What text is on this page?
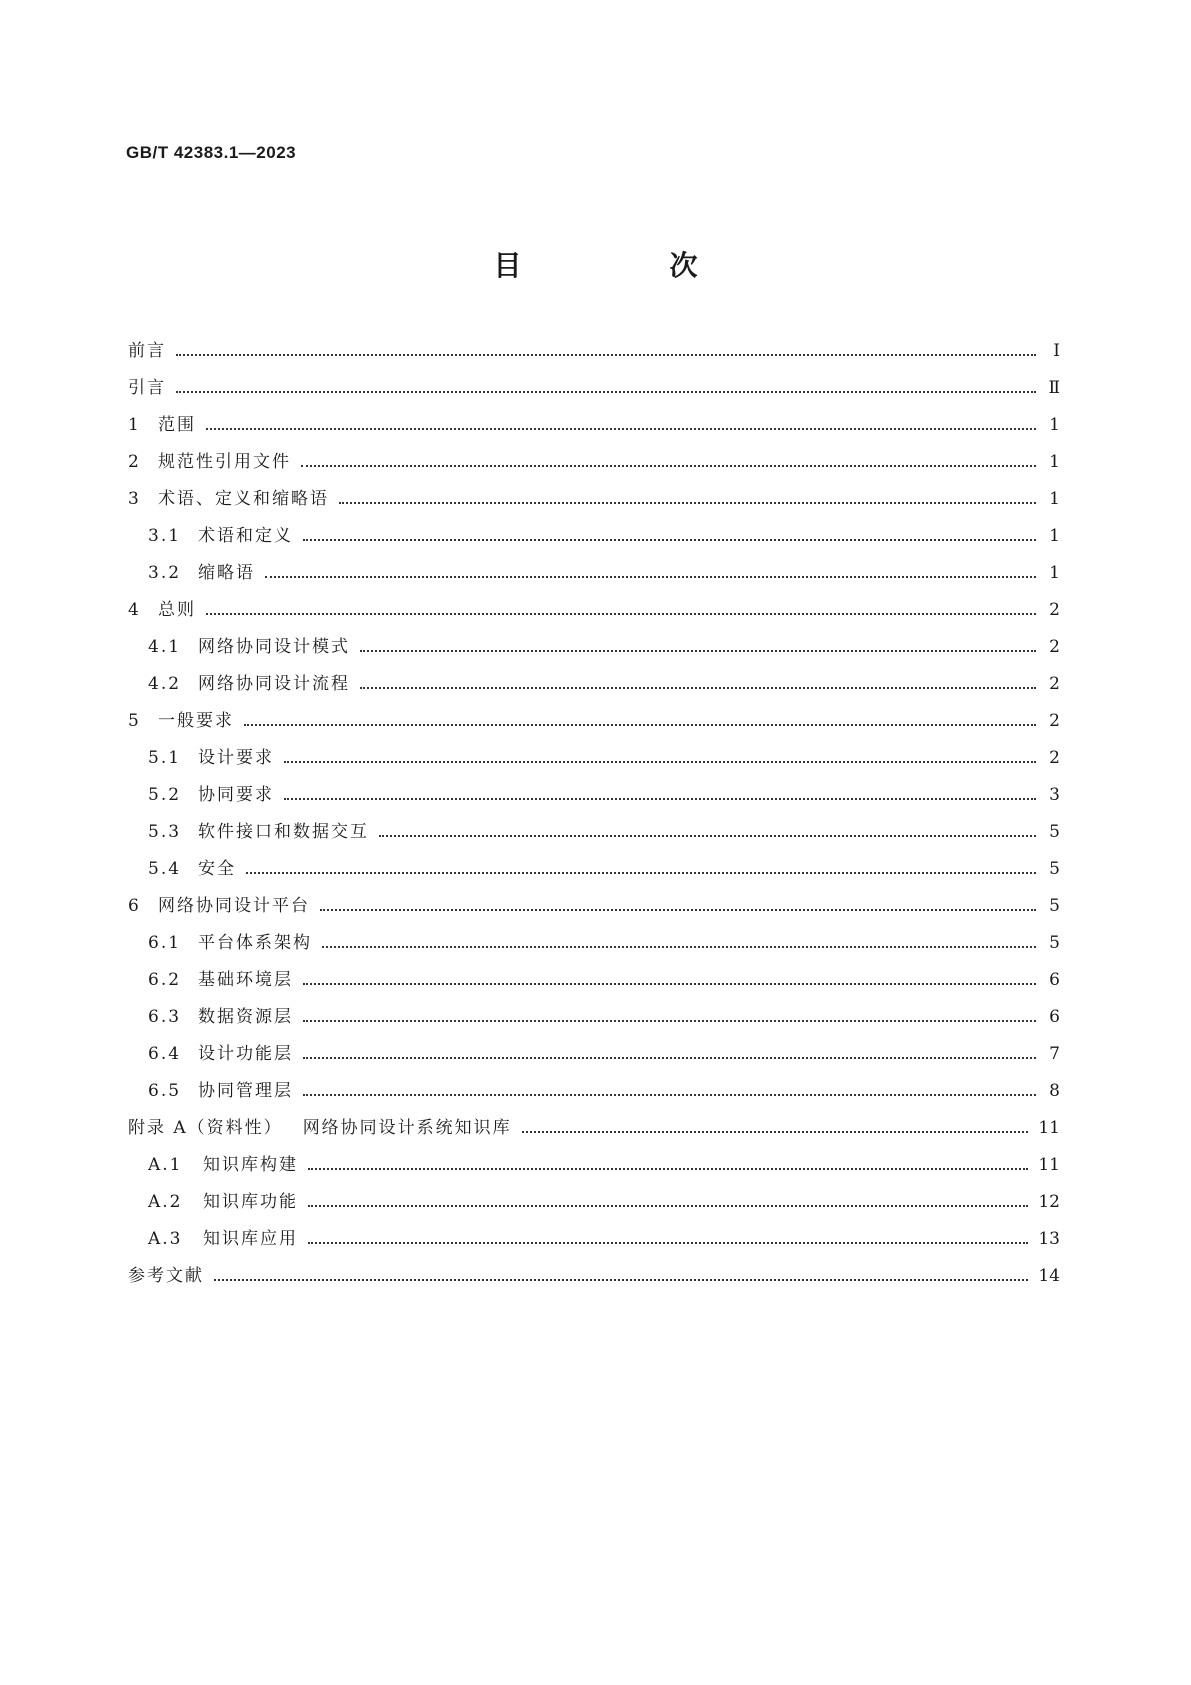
GB/T 42383.1—2023
目　次
前言	Ⅰ
引言	Ⅱ
1	范围	1
2	规范性引用文件	1
3	术语、定义和缩略语	1
3.1 术语和定义	1
3.2 缩略语	1
4	总则	2
4.1 网络协同设计模式	2
4.2 网络协同设计流程	2
5	一般要求	2
5.1 设计要求	2
5.2 协同要求	3
5.3 软件接口和数据交互	5
5.4 安全	5
6	网络协同设计平台	5
6.1 平台体系架构	5
6.2 基础环境层	6
6.3 数据资源层	6
6.4 设计功能层	7
6.5 协同管理层	8
附录 A（资料性）	网络协同设计系统知识库	11
A.1	知识库构建	11
A.2	知识库功能	12
A.3	知识库应用	13
参考文献	14
